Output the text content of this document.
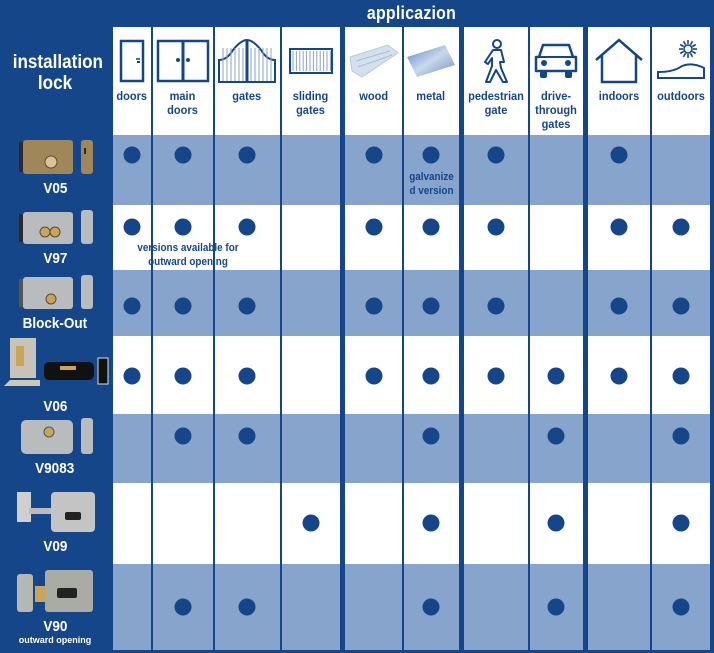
applicazion
installation lock
doors	main doors
gates	sliding gates
wood metal pedestrian gate
drive-through gates
indoors outdoors
V05
V97
Block-Out
V06
V9083
V09
V90
outward opening
galvanize
d version
versions available for
outward opening
